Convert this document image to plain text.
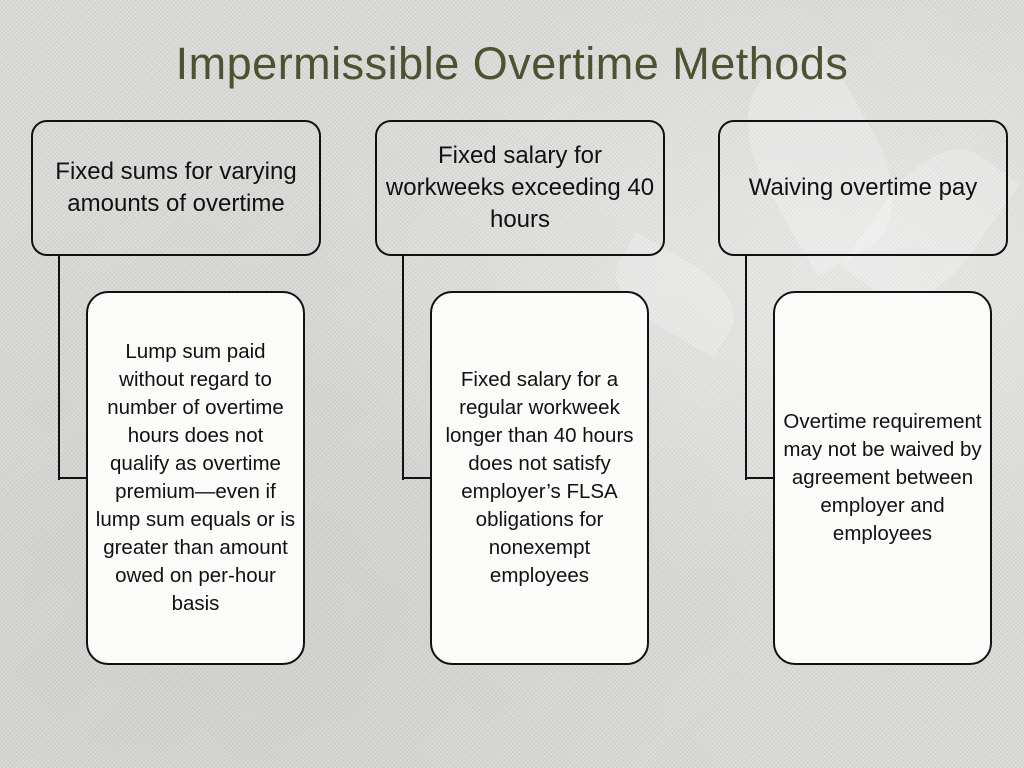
Impermissible Overtime Methods
Fixed sums for varying amounts of overtime
Lump sum paid without regard to number of overtime hours does not qualify as overtime premium—even if lump sum equals or is greater than amount owed on per-hour basis
Fixed salary for workweeks exceeding 40 hours
Fixed salary for a regular workweek longer than 40 hours does not satisfy employer’s FLSA obligations for nonexempt employees
Waiving overtime pay
Overtime requirement may not be waived by agreement between employer and employees
